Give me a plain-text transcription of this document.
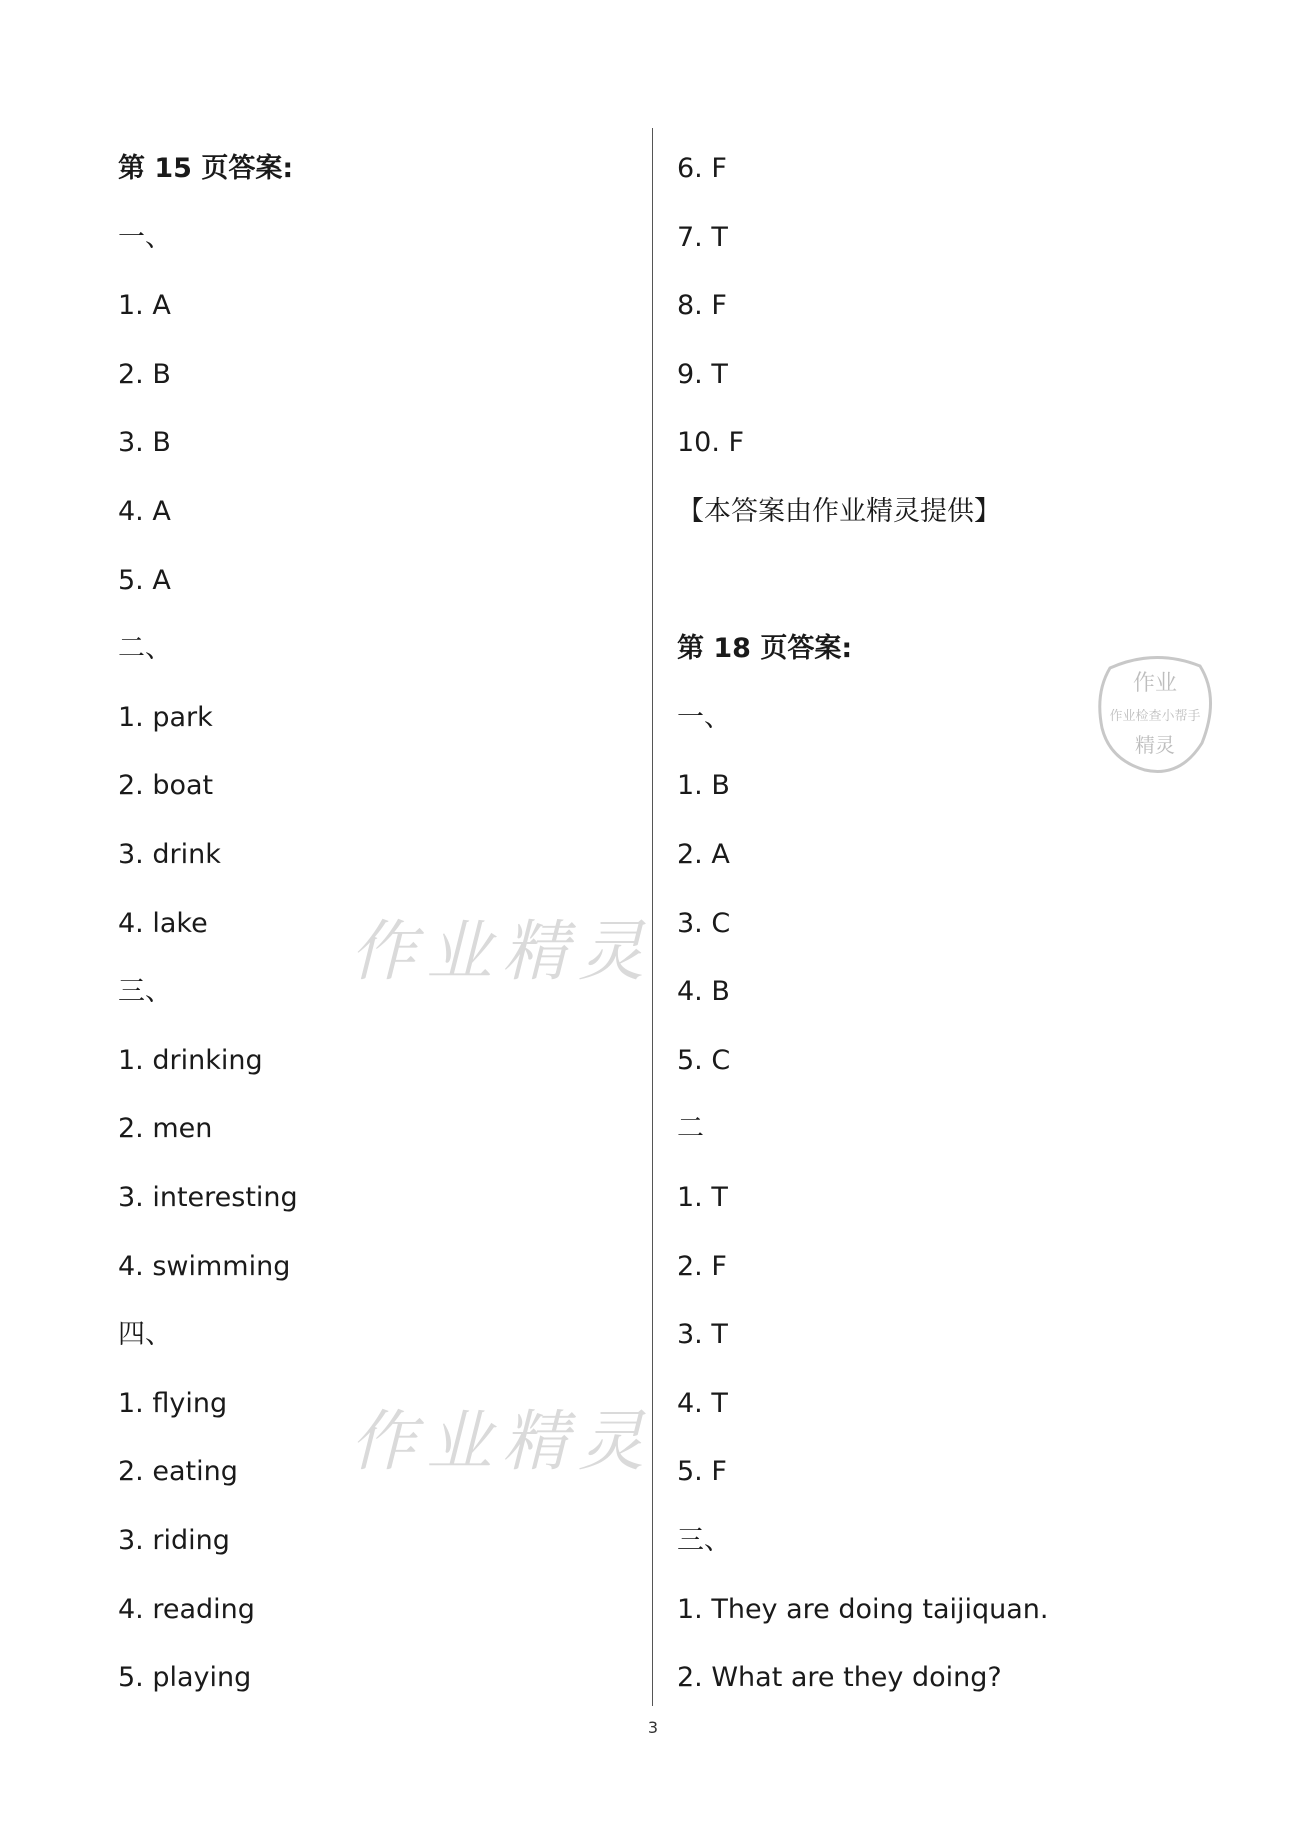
第 15 页答案:
一、
1. A
2. B
3. B
4. A
5. A
二、
1. park
2. boat
3. drink
4. lake
三、
1. drinking
2. men
3. interesting
4. swimming
四、
1. flying
2. eating
3. riding
4. reading
5. playing
6. F
7. T
8. F
9. T
10. F
【本答案由作业精灵提供】
第 18 页答案:
一、
1. B
2. A
3. C
4. B
5. C
二
1. T
2. F
3. T
4. T
5. F
三、
1. They are doing taijiquan.
2. What are they doing?
作业精灵
作业精灵
作业
作业检查小帮手
精灵
3
